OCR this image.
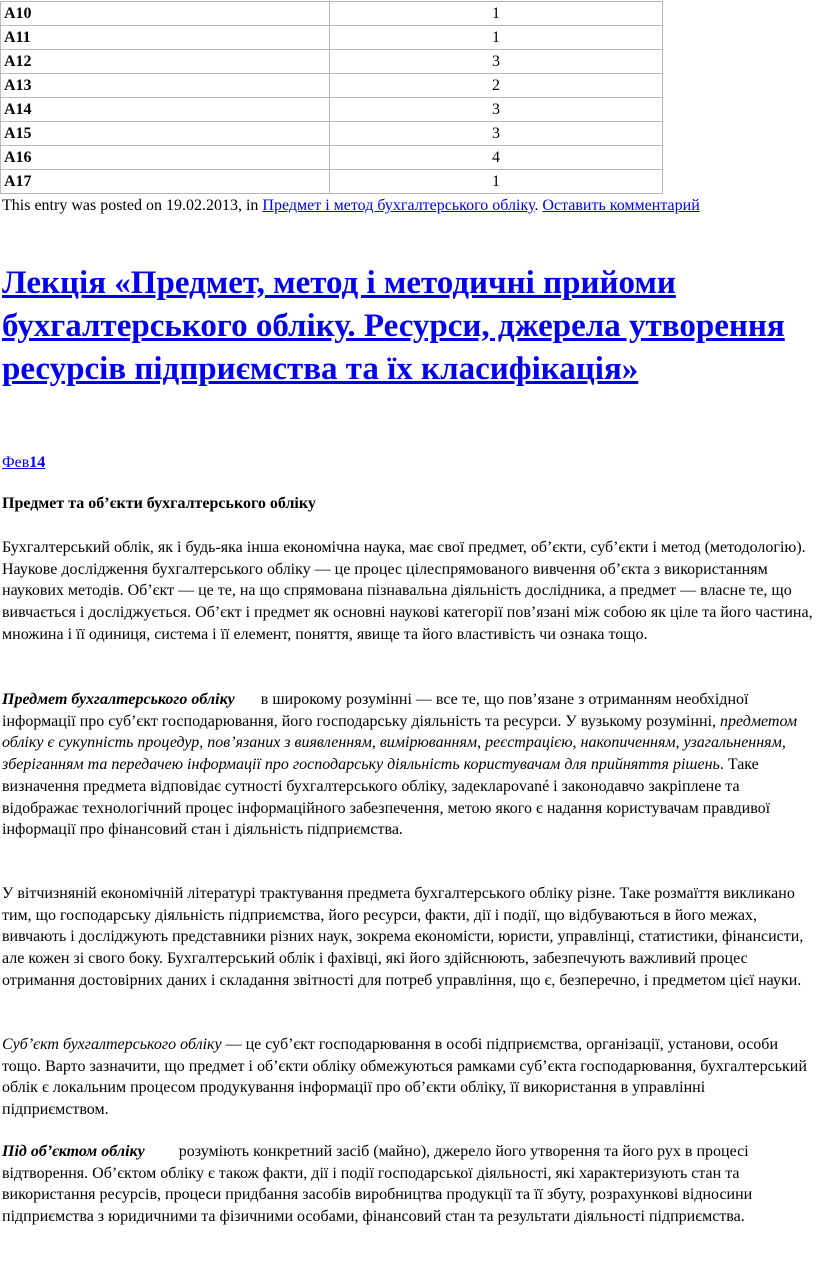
A10	1
A11	1
A12	3
A13	2
A14	3
A15	3
A16	4
A17	1
This entry was posted on 19.02.2013, in Предмет і метод бухгалтерського обліку. Оставить комментарий
Лекція «Предмет, метод і методичні прийоми бухгалтерського обліку. Ресурси, джерела утворення ресурсів підприємства та їх класифікація»
Фев14
Предмет та об’єкти бухгалтерського обліку

Бухгалтерський облік, як і будь-яка інша економічна наука, має свої предмет, об’єкти, суб’єкти і метод (методологію). Наукове дослідження бухгалтерського обліку — це процес цілеспрямованого вивчення об’єкта з використанням наукових методів. Об’єкт — це те, на що спрямована пізнавальна діяльність дослідника, а предмет — власне те, що вивчається і досліджується. Об’єкт і предмет як основні наукові категорії пов’язані між собою як ціле та його частина, множина і її одиниця, система і її елемент, поняття, явище та його властивість чи ознака тощо.

Предмет бухгалтерського обліку в широкому розумінні — все те, що пов’язане з отриманням необхідної інформації про суб’єкт господарювання, його господарську діяльність та ресурси. У вузькому розумінні, предметом обліку є сукупність процедур, пов’язаних з виявленням, вимірюванням, реєстрацією, накопиченням, узагальненням, зберіганням та передачею інформації про господарську діяльність користувачам для прийняття рішень. Таке визначення предмета відповідає сутності бухгалтерського обліку, задекларované і законодавчо закріплене та відображає технологічний процес інформаційного забезпечення, метою якого є надання користувачам правдивої інформації про фінансовий стан і діяльність підприємства.

У вітчизняній економічній літературі трактування предмета бухгалтерського обліку різне. Таке розмаїття викликано тим, що господарську діяльність підприємства, його ресурси, факти, дії і події, що відбуваються в його межах, вивчають і досліджують представники різних наук, зокрема економісти, юристи, управлінці, статистики, фінансисти, але кожен зі свого боку. Бухгалтерський облік і фахівці, які його здійснюють, забезпечують важливий процес отримання достовірних даних і складання звітності для потреб управління, що є, безперечно, і предметом цієї науки.

Суб’єкт бухгалтерського обліку — це суб’єкт господарювання в особі підприємства, організації, установи, особи тощо. Варто зазначити, що предмет і об’єкти обліку обмежуються рамками суб’єкта господарювання, бухгалтерський облік є локальним процесом продукування інформації про об’єкти обліку, її використання в управлінні підприємством.

Під об’єктом обліку розуміють конкретний засіб (майно), джерело його утворення та його рух в процесі відтворення. Об’єктом обліку є також факти, дії і події господарської діяльності, які характеризують стан та використання ресурсів, процеси придбання засобів виробництва продукції та її збуту, розрахункові відносини підприємства з юридичними та фізичними особами, фінансовий стан та результати діяльності підприємства.
